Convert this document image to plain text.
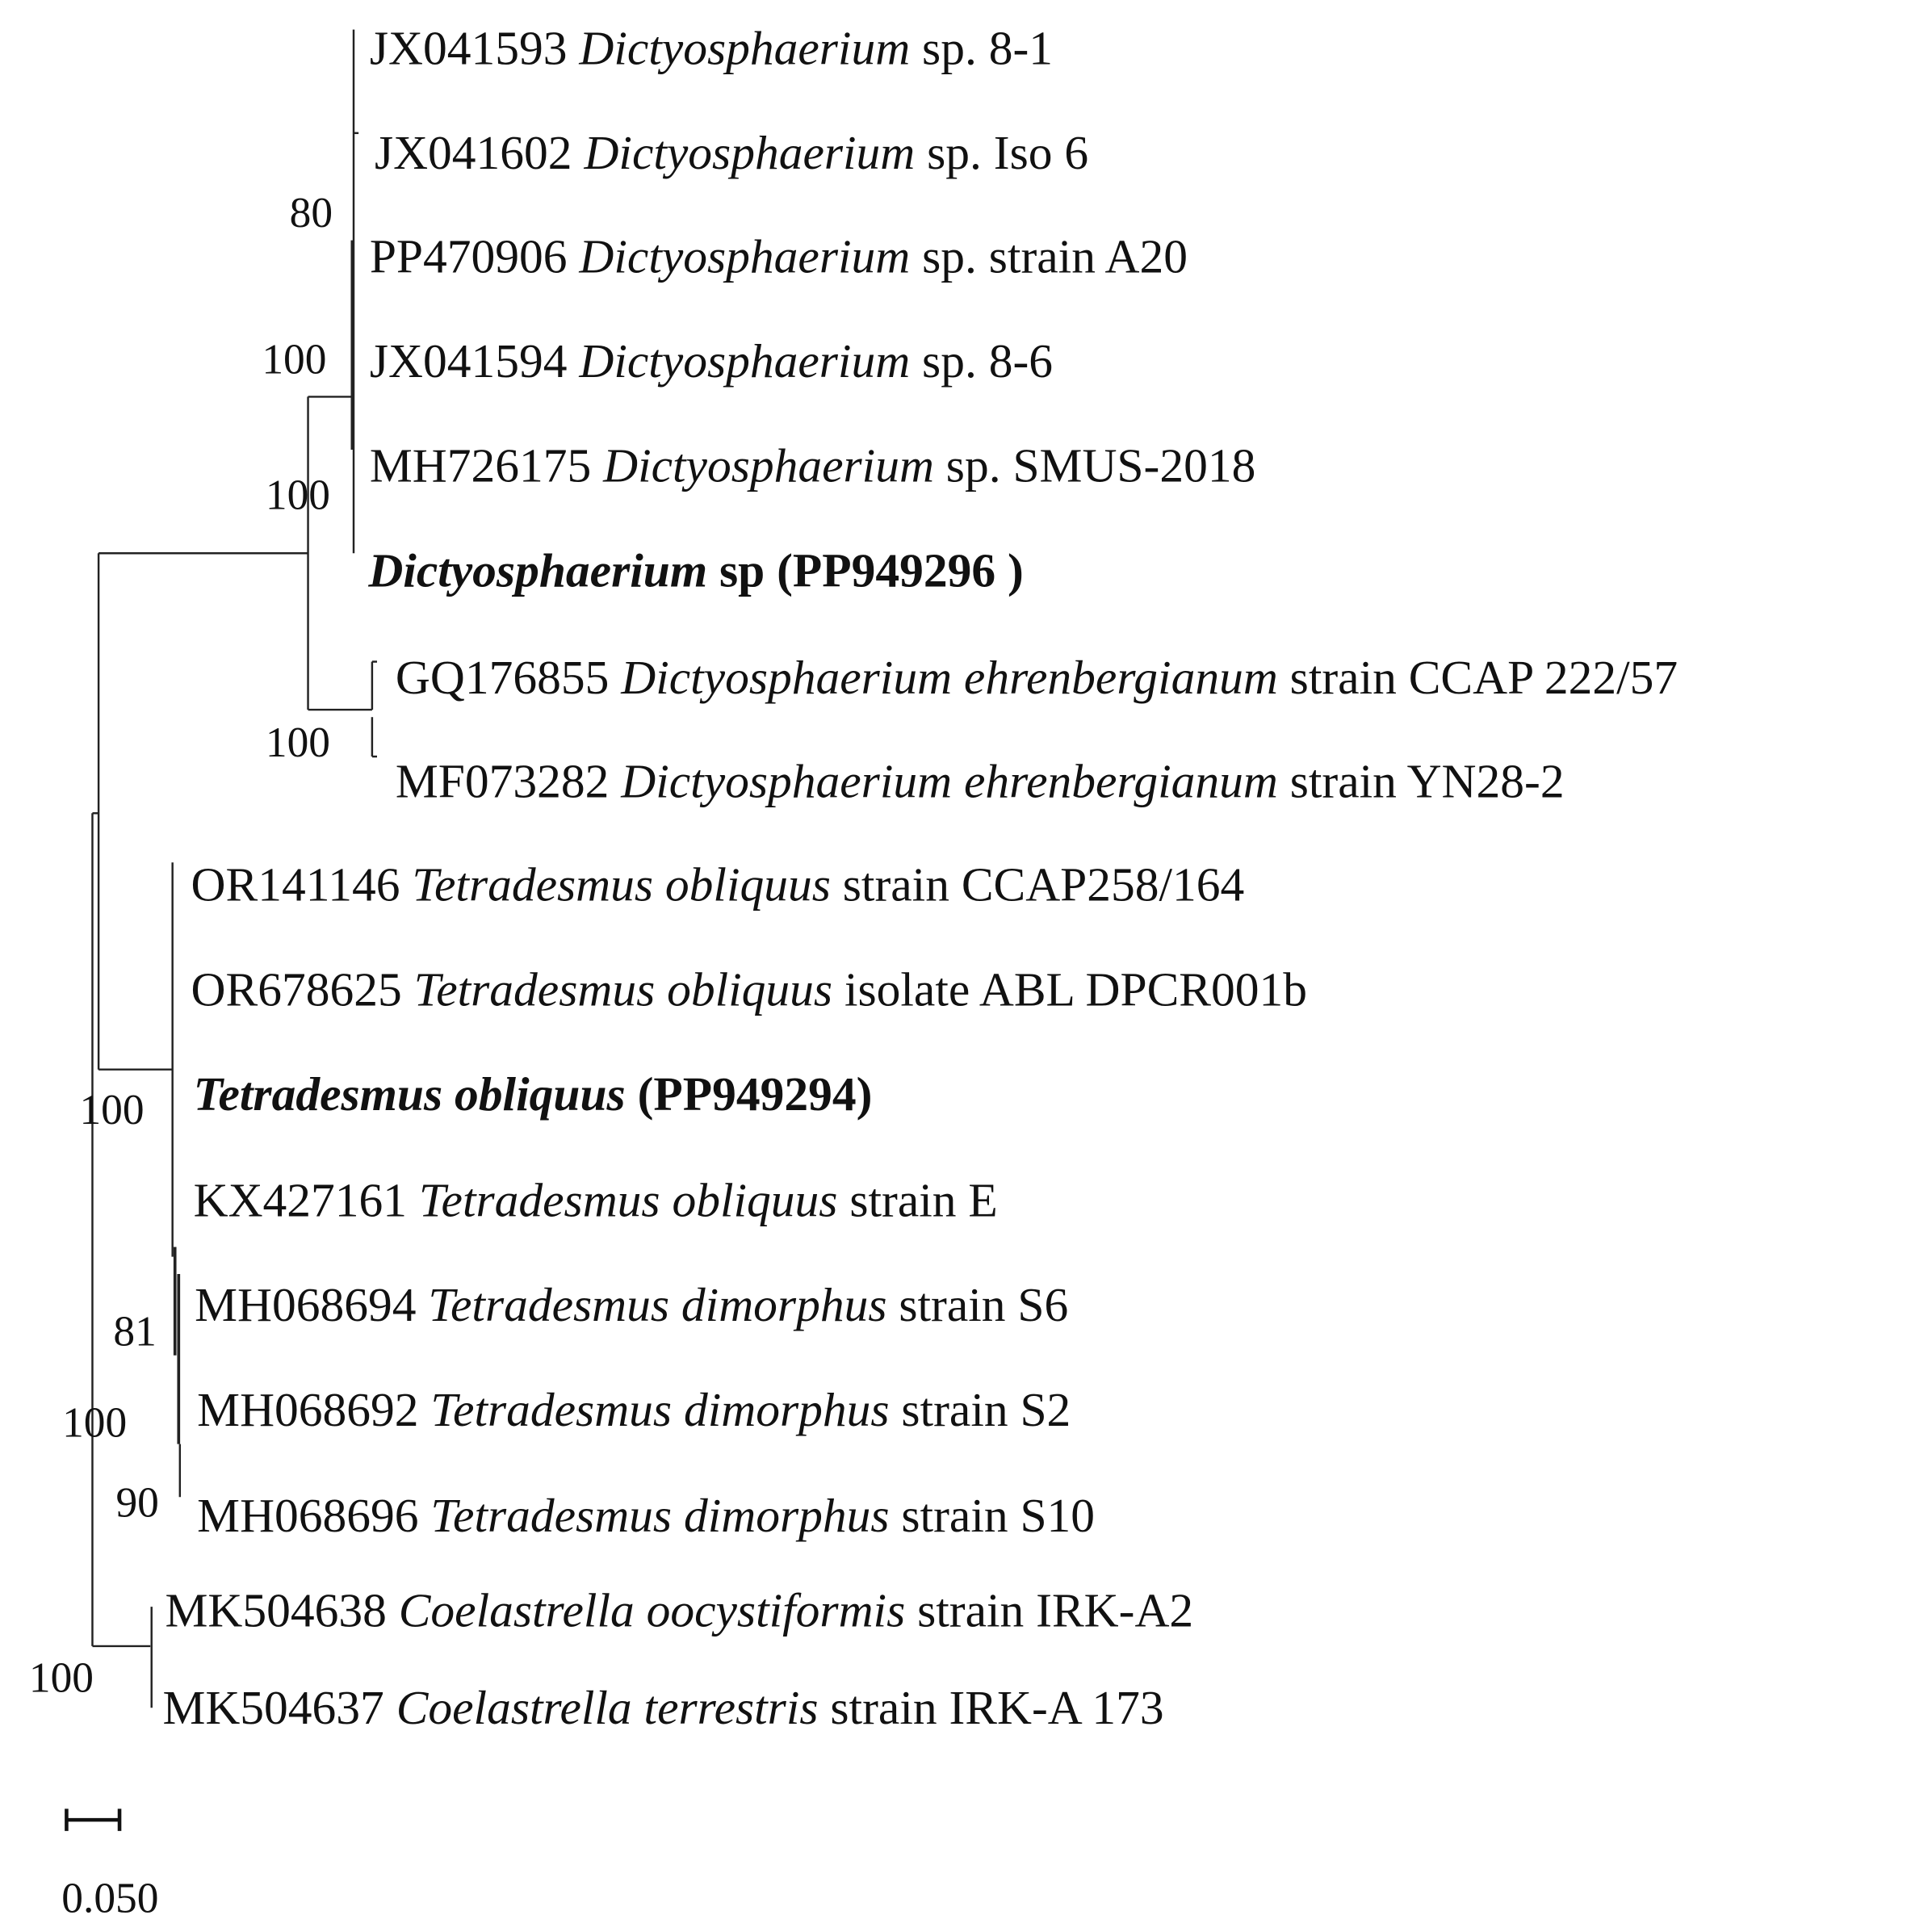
80
100
100
100
100
81
100
90
100
JX041593 Dictyosphaerium sp. 8-1
JX041602 Dictyosphaerium sp. Iso 6
PP470906 Dictyosphaerium sp. strain A20
JX041594 Dictyosphaerium sp. 8-6
MH726175 Dictyosphaerium sp. SMUS-2018
Dictyosphaerium sp (PP949296 )
GQ176855 Dictyosphaerium ehrenbergianum strain CCAP 222/57
MF073282 Dictyosphaerium ehrenbergianum strain YN28-2
OR141146 Tetradesmus obliquus strain CCAP258/164
OR678625 Tetradesmus obliquus isolate ABL DPCR001b
Tetradesmus obliquus (PP949294)
KX427161 Tetradesmus obliquus strain E
MH068694 Tetradesmus dimorphus strain S6
MH068692 Tetradesmus dimorphus strain S2
MH068696 Tetradesmus dimorphus strain S10
MK504638 Coelastrella oocystiformis strain IRK-A2
MK504637 Coelastrella terrestris strain IRK-A 173
0.050
